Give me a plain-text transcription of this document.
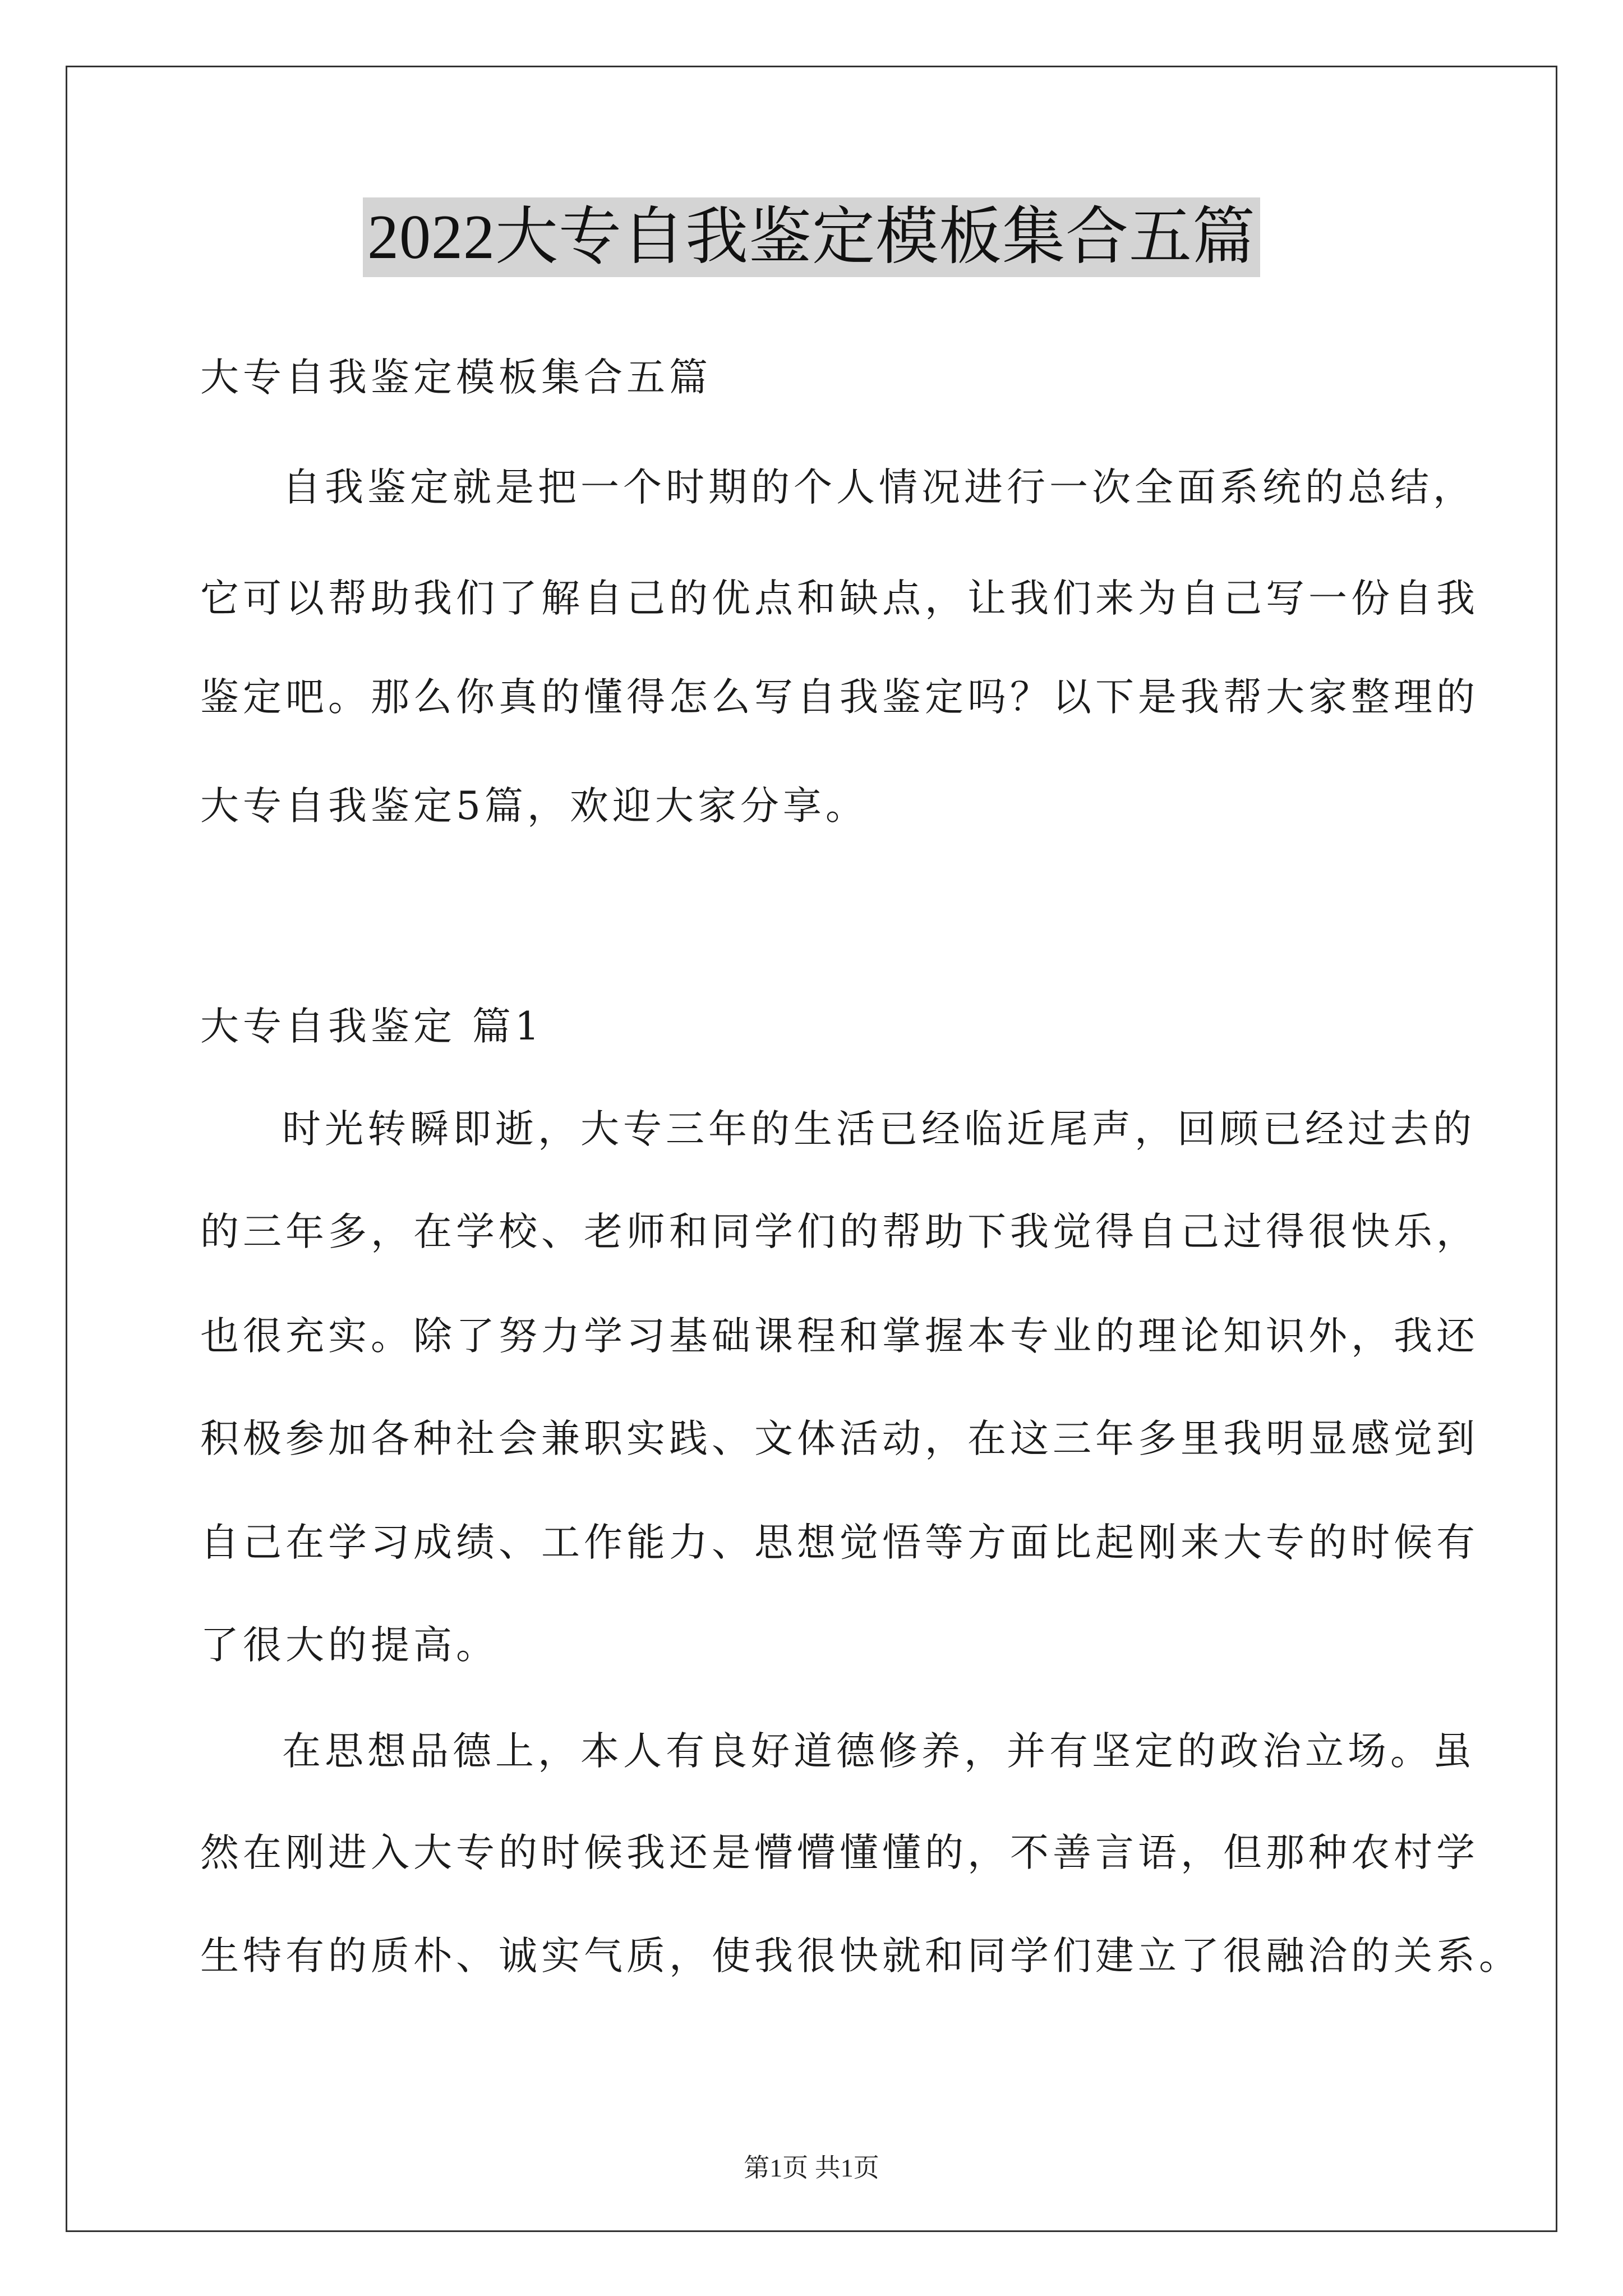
2022大专自我鉴定模板集合五篇
大专自我鉴定模板集合五篇
自我鉴定就是把一个时期的个人情况进行一次全面系统的总结，
它可以帮助我们了解自己的优点和缺点，让我们来为自己写一份自我
鉴定吧。那么你真的懂得怎么写自我鉴定吗？以下是我帮大家整理的
大专自我鉴定5篇，欢迎大家分享。
大专自我鉴定 篇1
时光转瞬即逝，大专三年的生活已经临近尾声，回顾已经过去的
的三年多，在学校、老师和同学们的帮助下我觉得自己过得很快乐，
也很充实。除了努力学习基础课程和掌握本专业的理论知识外，我还
积极参加各种社会兼职实践、文体活动，在这三年多里我明显感觉到
自己在学习成绩、工作能力、思想觉悟等方面比起刚来大专的时候有
了很大的提高。
在思想品德上，本人有良好道德修养，并有坚定的政治立场。虽
然在刚进入大专的时候我还是懵懵懂懂的，不善言语，但那种农村学
生特有的质朴、诚实气质，使我很快就和同学们建立了很融洽的关系。
第1页 共1页
